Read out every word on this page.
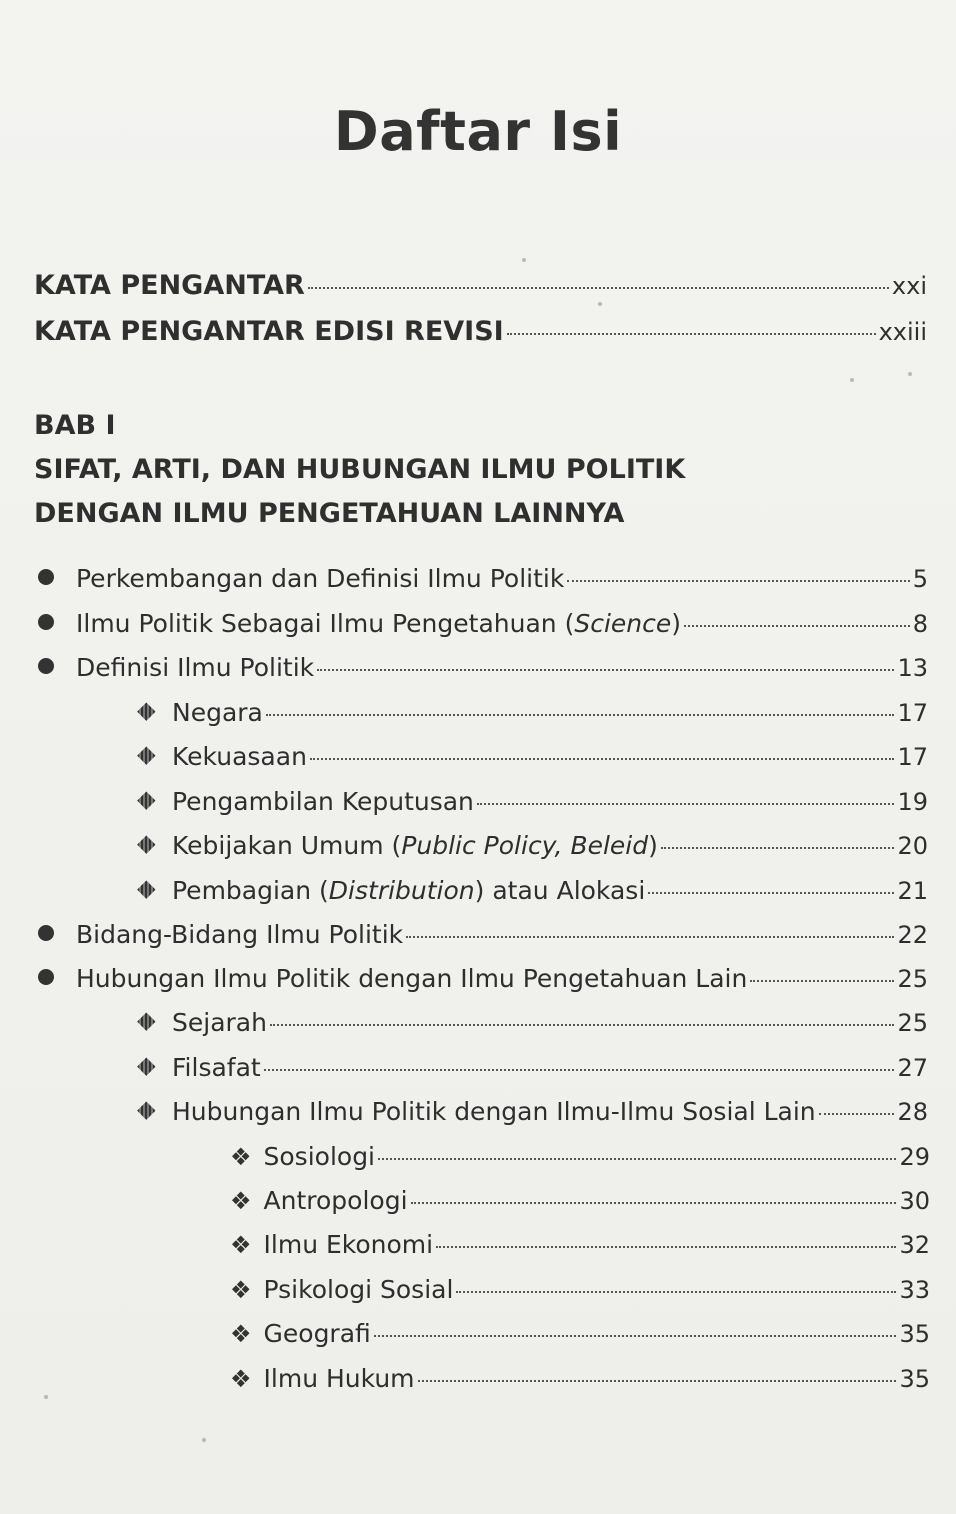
Daftar Isi
KATA PENGANTAR	xxi
KATA PENGANTAR EDISI REVISI	xxiii
BAB I
SIFAT, ARTI, DAN HUBUNGAN ILMU POLITIK
DENGAN ILMU PENGETAHUAN LAINNYA
Perkembangan dan Definisi Ilmu Politik	5
Ilmu Politik Sebagai Ilmu Pengetahuan (Science)	8
Definisi Ilmu Politik	13
Negara	17
Kekuasaan	17
Pengambilan Keputusan	19
Kebijakan Umum (Public Policy, Beleid)	20
Pembagian (Distribution) atau Alokasi	21
Bidang-Bidang Ilmu Politik	22
Hubungan Ilmu Politik dengan Ilmu Pengetahuan Lain	25
Sejarah	25
Filsafat	27
Hubungan Ilmu Politik dengan Ilmu-Ilmu Sosial Lain	28
❖ Sosiologi	29
❖ Antropologi	30
❖ Ilmu Ekonomi	32
❖ Psikologi Sosial	33
❖ Geografi	35
❖ Ilmu Hukum	35
